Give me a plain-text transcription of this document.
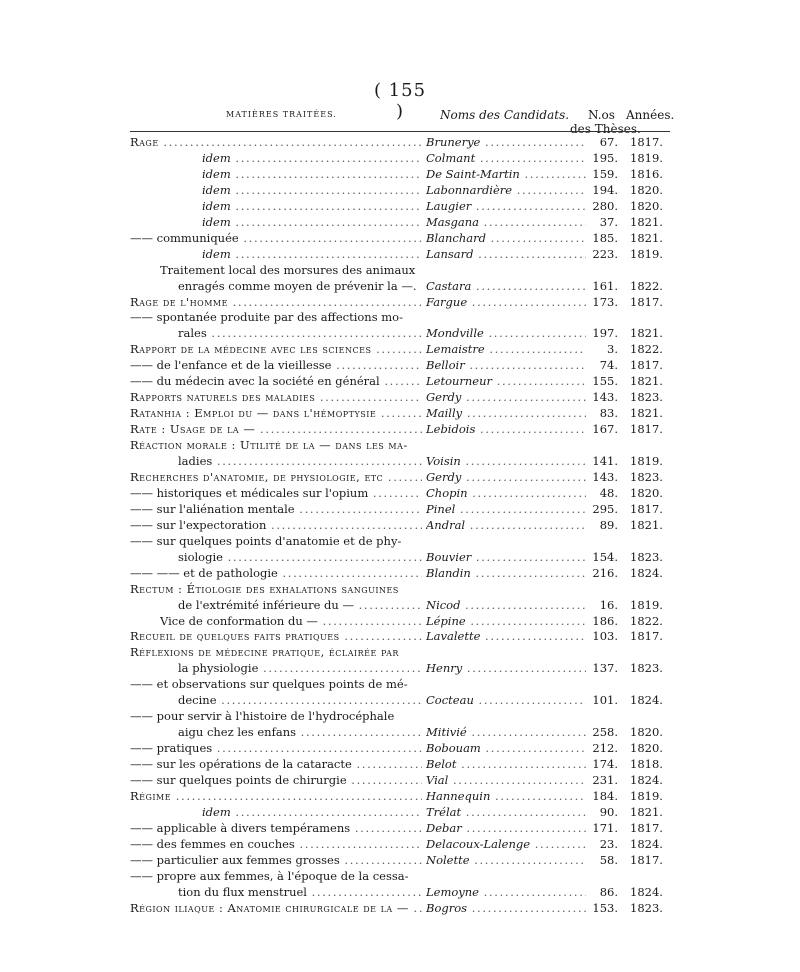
( 155 )
MATIÈRES TRAITÉES.	Noms des Candidats.	N.os Années.
des Thèses.
Rage . . .	Brunerye . . .	67. 1817.
idem . . .	Colmant . . .	195. 1819.
idem . . .	De Saint-Martin . . .	159. 1816.
idem . . .	Labonnardière . . .	194. 1820.
idem . . .	Laugier . . .	280. 1820.
idem . . .	Masgana . . .	37. 1821.
—— communiquée . . .	Blanchard . . .	185. 1821.
idem . . .	Lansard . . .	223. 1819.
Traitement local des morsures des animaux
enragés comme moyen de prévenir la —. . . . Castara . . .	161. 1822.
Rage de l'homme . . .	Fargue . . .	173. 1817.
—— spontanée produite par des affections mo-
rales . . .	Mondville . . .	197. 1821.
Rapport de la médecine avec les sciences . . .	Lemaistre . . .	3. 1822.
—— de l'enfance et de la vieillesse . . .	Belloir . . .	74. 1817.
—— du médecin avec la société en général . . .	Letourneur . . .	155. 1821.
Rapports naturels des maladies . . .	Gerdy . . .	143. 1823.
Ratanhia : Emploi du — dans l'hémoptysie . . .	Mailly . . .	83. 1821.
Rate : Usage de la — . . .	Lebidois . . .	167. 1817.
Réaction morale : Utilité de la — dans les ma-
ladies . . .	Voisin . . .	141. 1819.
Recherches d'anatomie, de physiologie, etc . . .	Gerdy . . .	143. 1823.
—— historiques et médicales sur l'opium . . .	Chopin . . .	48. 1820.
—— sur l'aliénation mentale . . .	Pinel . . .	295. 1817.
—— sur l'expectoration . . .	Andral . . .	89. 1821.
—— sur quelques points d'anatomie et de phy-
siologie . . .	Bouvier . . .	154. 1823.
—— —— et de pathologie . . .	Blandin . . .	216. 1824.
Rectum : Étiologie des exhalations sanguines
de l'extrémité inférieure du — . . .	Nicod . . .	16. 1819.
Vice de conformation du — . . .	Lépine . . .	186. 1822.
Recueil de quelques faits pratiques . . .	Lavalette . . .	103. 1817.
Réflexions de médecine pratique, éclairée par
la physiologie . . .	Henry . . .	137. 1823.
—— et observations sur quelques points de mé-
decine . . .	Cocteau . . .	101. 1824.
—— pour servir à l'histoire de l'hydrocéphale
aigu chez les enfans . . .	Mitivié . . .	258. 1820.
—— pratiques . . .	Bobouam . . .	212. 1820.
—— sur les opérations de la cataracte . . .	Belot . . .	174. 1818.
—— sur quelques points de chirurgie . . .	Vial . . .	231. 1824.
Régime . . .	Hannequin . . .	184. 1819.
idem . . .	Trélat . . .	90. 1821.
—— applicable à divers tempéramens . . .	Debar . . .	171. 1817.
—— des femmes en couches . . .	Delacoux-Lalenge . . .	23. 1824.
—— particulier aux femmes grosses . . .	Nolette . . .	58. 1817.
—— propre aux femmes, à l'époque de la cessa-
tion du flux menstruel . . .	Lemoyne . . .	86. 1824.
Région iliaque : Anatomie chirurgicale de la — . . .	Bogros . . .	153. 1823.
